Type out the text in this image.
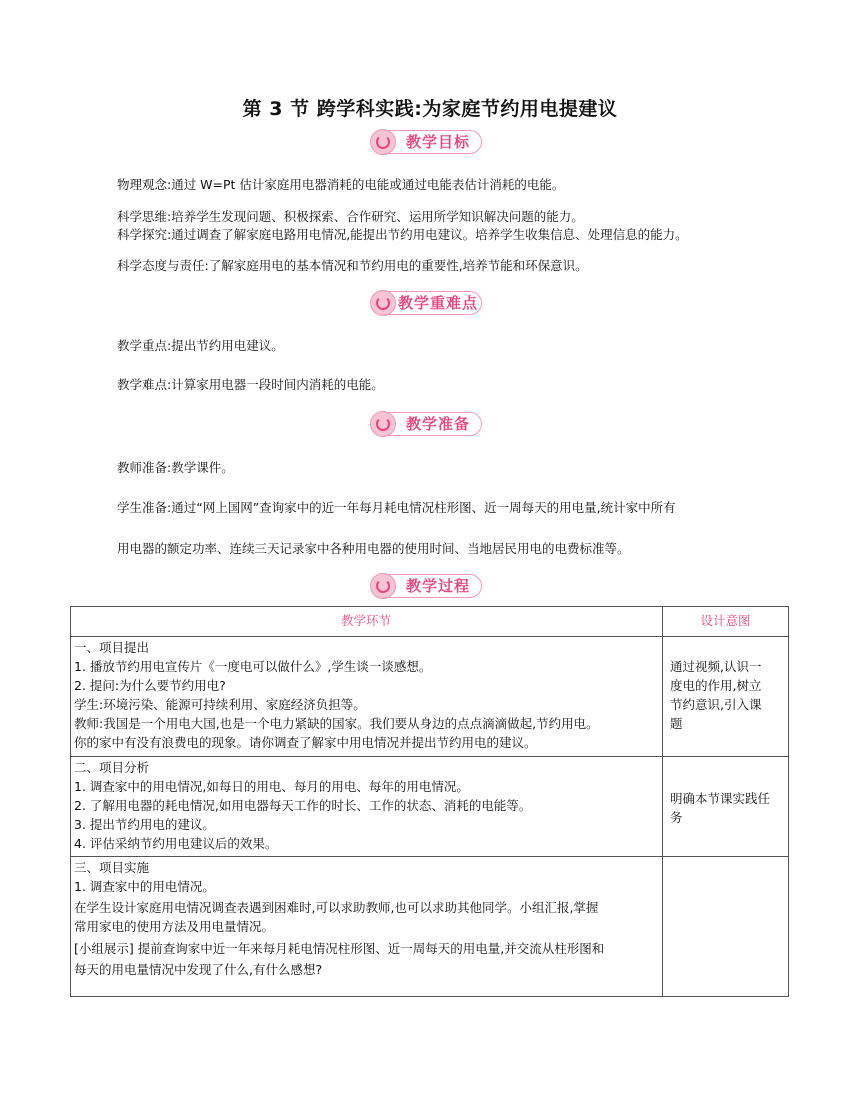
第 3 节 跨学科实践:为家庭节约用电提建议
教学目标
物理观念:通过 W=Pt 估计家庭用电器消耗的电能或通过电能表估计消耗的电能。
科学思维:培养学生发现问题、积极探索、合作研究、运用所学知识解决问题的能力。
科学探究:通过调查了解家庭电路用电情况,能提出节约用电建议。培养学生收集信息、处理信息的能力。
科学态度与责任:了解家庭用电的基本情况和节约用电的重要性,培养节能和环保意识。
教学重难点
教学重点:提出节约用电建议。
教学难点:计算家用电器一段时间内消耗的电能。
教学准备
教师准备:教学课件。
学生准备:通过“网上国网”查询家中的近一年每月耗电情况柱形图、近一周每天的用电量,统计家中所有
用电器的额定功率、连续三天记录家中各种用电器的使用时间、当地居民用电的电费标准等。
教学过程
教学环节	设计意图
一、项目提出
1. 播放节约用电宣传片《一度电可以做什么》,学生谈一谈感想。
2. 提问:为什么要节约用电?
学生:环境污染、能源可持续利用、家庭经济负担等。
教师:我国是一个用电大国,也是一个电力紧缺的国家。我们要从身边的点点滴滴做起,节约用电。
你的家中有没有浪费电的现象。请你调查了解家中用电情况并提出节约用电的建议。
通过视频,认识一
度电的作用,树立
节约意识,引入课
题
二、项目分析
1. 调查家中的用电情况,如每日的用电、每月的用电、每年的用电情况。
2. 了解用电器的耗电情况,如用电器每天工作的时长、工作的状态、消耗的电能等。
3. 提出节约用电的建议。
4. 评估采纳节约用电建议后的效果。
明确本节课实践任
务
三、项目实施
1. 调查家中的用电情况。
在学生设计家庭用电情况调查表遇到困难时,可以求助教师,也可以求助其他同学。小组汇报,掌握
常用家电的使用方法及用电量情况。
[小组展示] 提前查询家中近一年来每月耗电情况柱形图、近一周每天的用电量,并交流从柱形图和
每天的用电量情况中发现了什么,有什么感想?
